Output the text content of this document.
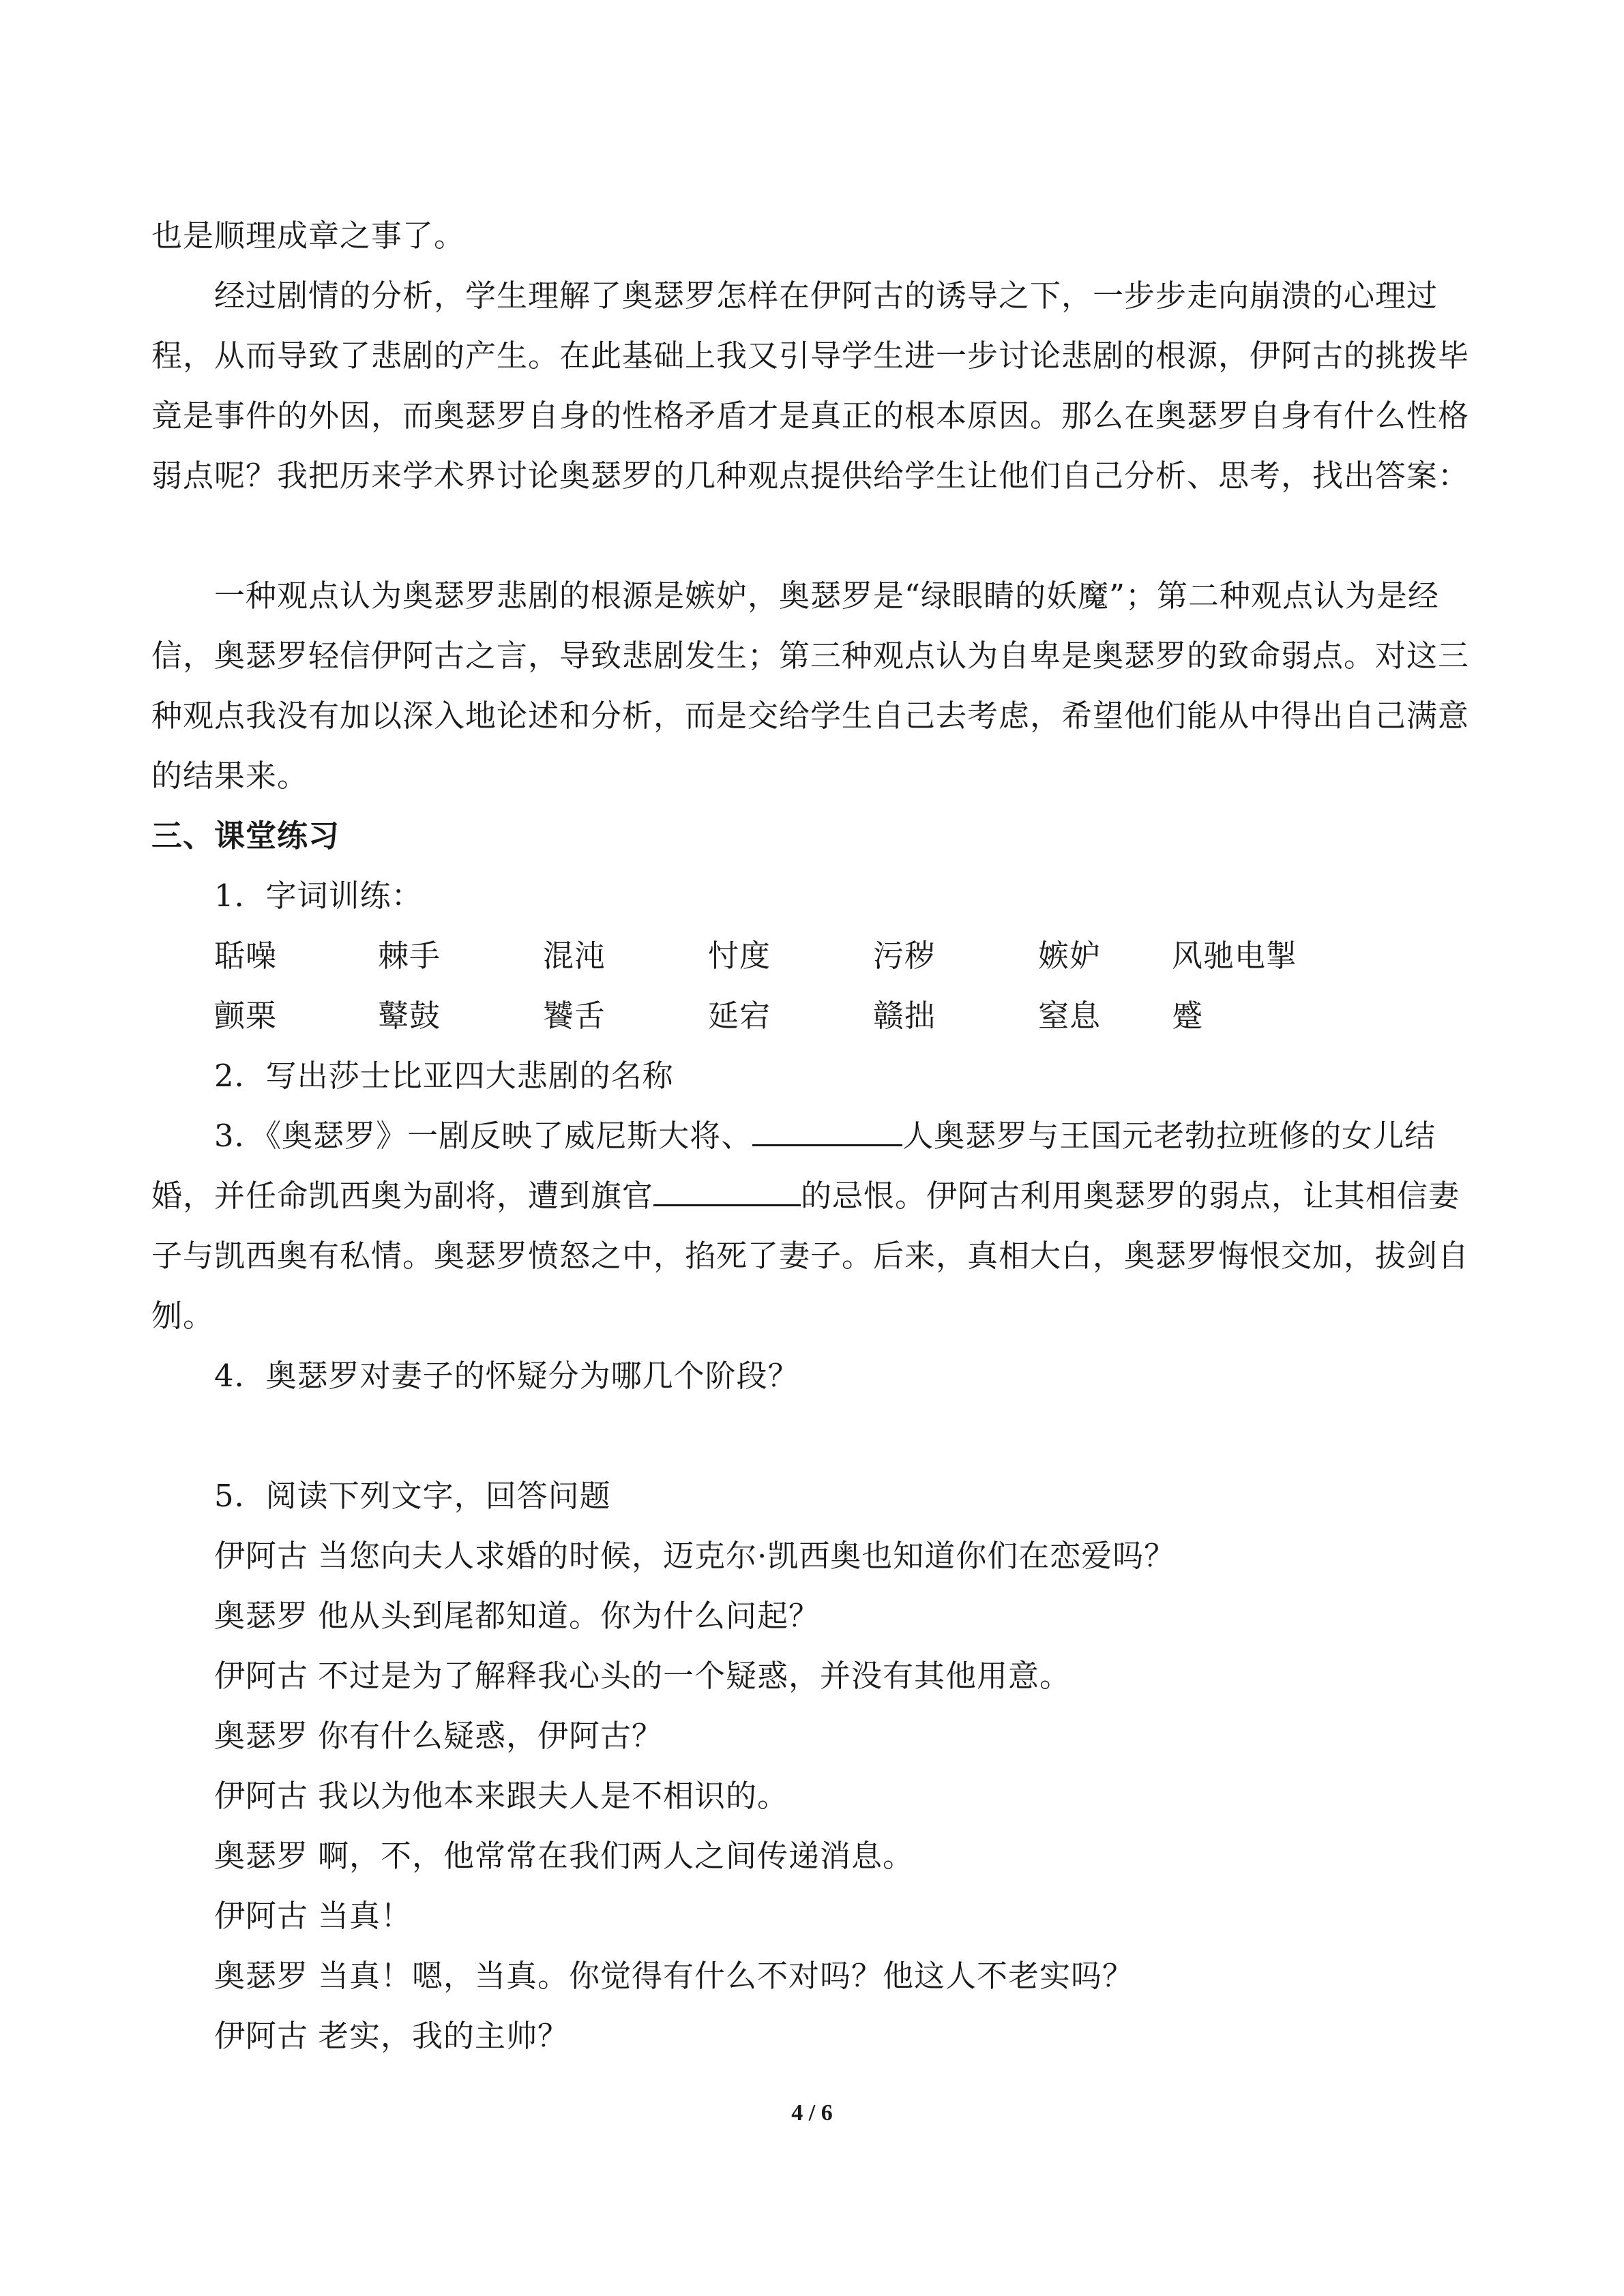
也是顺理成章之事了。

经过剧情的分析，学生理解了奥瑟罗怎样在伊阿古的诱导之下，一步步走向崩溃的心理过程，从而导致了悲剧的产生。在此基础上我又引导学生进一步讨论悲剧的根源，伊阿古的挑拨毕竟是事件的外因，而奥瑟罗自身的性格矛盾才是真正的根本原因。那么在奥瑟罗自身有什么性格弱点呢？我把历来学术界讨论奥瑟罗的几种观点提供给学生让他们自己分析、思考，找出答案：

一种观点认为奥瑟罗悲剧的根源是嫉妒，奥瑟罗是“绿眼睛的妖魔”；第二种观点认为是经信，奥瑟罗轻信伊阿古之言，导致悲剧发生；第三种观点认为自卑是奥瑟罗的致命弱点。对这三种观点我没有加以深入地论述和分析，而是交给学生自己去考虑，希望他们能从中得出自己满意的结果来。

三、课堂练习

1．字词训练：

聒噪	棘手	混沌	忖度	污秽	嫉妒 风驰电掣
颤栗	鼙鼓	饕舌	延宕	赣拙	窒息 蹙

2．写出莎士比亚四大悲剧的名称

3．《奥瑟罗》一剧反映了威尼斯大将、	人奥瑟罗与王国元老勃拉班修的女儿结婚，并任命凯西奥为副将，遭到旗官	的忌恨。伊阿古利用奥瑟罗的弱点，让其相信妻子与凯西奥有私情。奥瑟罗愤怒之中，掐死了妻子。后来，真相大白，奥瑟罗悔恨交加，拔剑自刎。

4．奥瑟罗对妻子的怀疑分为哪几个阶段？

5．阅读下列文字，回答问题

伊阿古 当您向夫人求婚的时候，迈克尔·凯西奥也知道你们在恋爱吗？
奥瑟罗 他从头到尾都知道。你为什么问起？
伊阿古 不过是为了解释我心头的一个疑惑，并没有其他用意。
奥瑟罗 你有什么疑惑，伊阿古？
伊阿古 我以为他本来跟夫人是不相识的。
奥瑟罗 啊，不，他常常在我们两人之间传递消息。
伊阿古 当真！
奥瑟罗 当真！嗯，当真。你觉得有什么不对吗？他这人不老实吗？
伊阿古 老实，我的主帅？
4 / 6
